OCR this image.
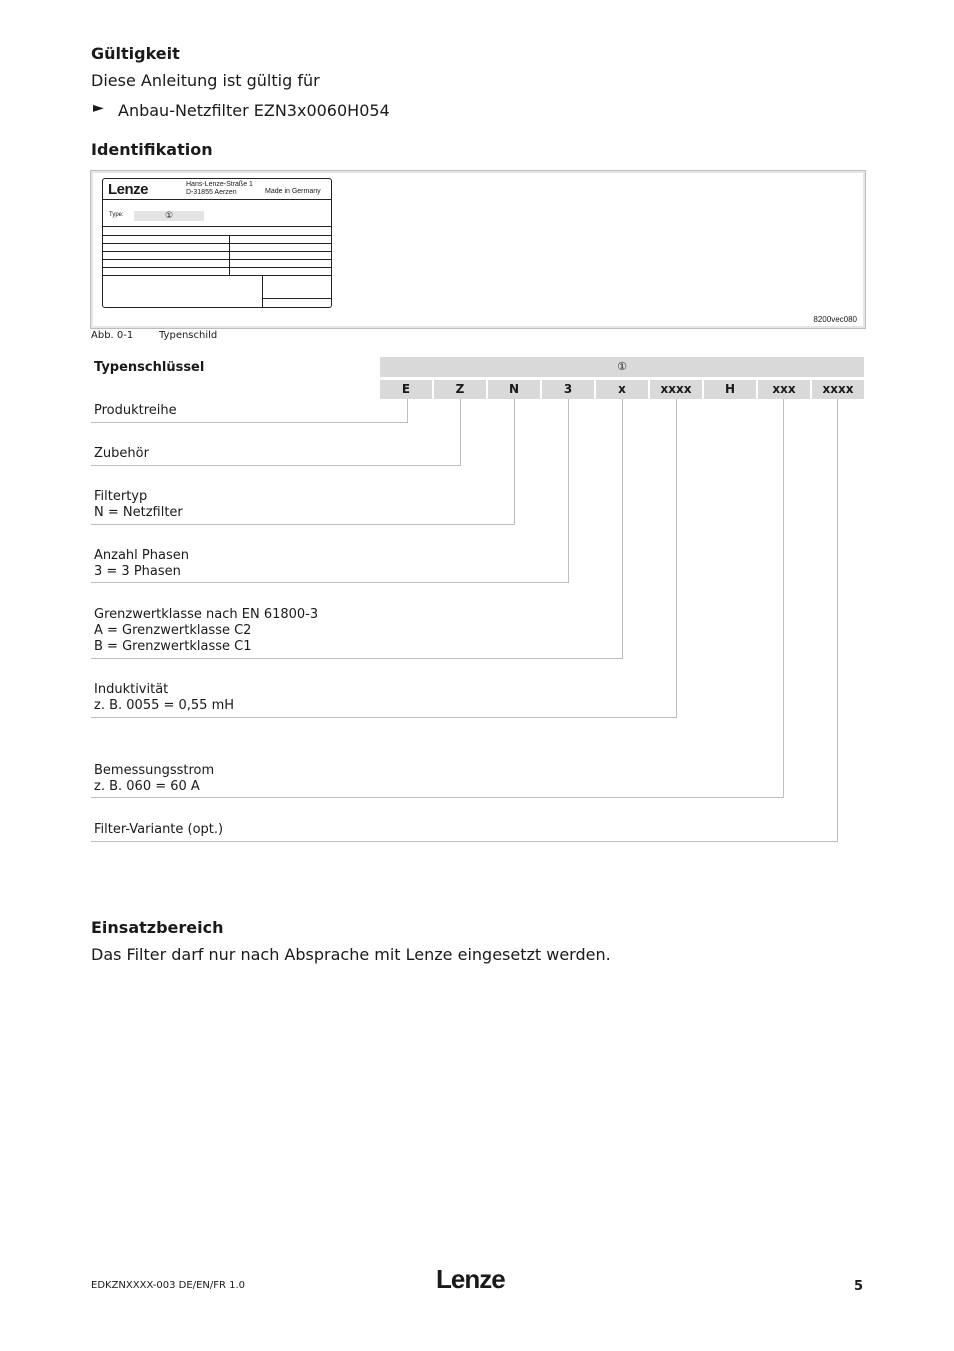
Gültigkeit
Diese Anleitung ist gültig für
► Anbau-Netzfilter EZN3x0060H054
Identifikation
Lenze	Hans-Lenze-Straße 1
D-31855 Aerzen	Made in Germany
Type:	①
8200vec080
Abb. 0-1	Typenschild
Typenschlüssel	①
E	Z	N	3	x	xxxx	H	xxx	xxxx
Produktreihe
Zubehör
Filtertyp
N = Netzfilter
Anzahl Phasen
3 = 3 Phasen
Grenzwertklasse nach EN 61800-3
A = Grenzwertklasse C2
B = Grenzwertklasse C1
Induktivität
z. B. 0055 = 0,55 mH
Bemessungsstrom
z. B. 060 = 60 A
Filter-Variante (opt.)
Einsatzbereich
Das Filter darf nur nach Absprache mit Lenze eingesetzt werden.
EDKZNXXXX-003 DE/EN/FR 1.0	Lenze	5
